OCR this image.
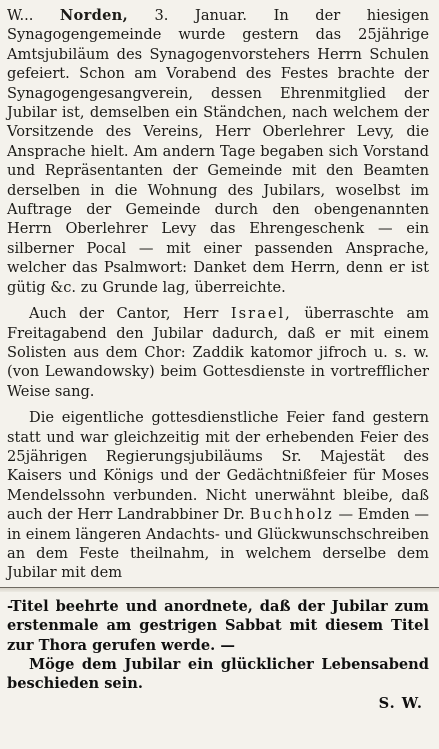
W... Norden, 3. Januar. In der hiesigen Synagogengemeinde wurde gestern das 25jährige Amtsjubiläum des Synagogenvorstehers Herrn Schulen gefeiert. Schon am Vorabend des Festes brachte der Synagogengesangverein, dessen Ehrenmitglied der Jubilar ist, demselben ein Ständchen, nach welchem der Vorsitzende des Vereins, Herr Oberlehrer Levy, die Ansprache hielt. Am andern Tage begaben sich Vorstand und Repräsentanten der Gemeinde mit den Beamten derselben in die Wohnung des Jubilars, woselbst im Auftrage der Gemeinde durch den obengenannten Herrn Oberlehrer Levy das Ehrengeschenk — ein silberner Pocal — mit einer passenden Ansprache, welcher das Psalmwort: Danket dem Herrn, denn er ist gütig &c. zu Grunde lag, überreichte.

Auch der Cantor, Herr Israel, überraschte am Freitagabend den Jubilar dadurch, daß er mit einem Solisten aus dem Chor: Zaddik katomor jifroch u. s. w. (von Lewandowsky) beim Gottesdienste in vortrefflicher Weise sang.

Die eigentliche gottesdienstliche Feier fand gestern statt und war gleichzeitig mit der erhebenden Feier des 25jährigen Regierungsjubiläums Sr. Majestät des Kaisers und Königs und der Gedächtnißfeier für Moses Mendelssohn verbunden. Nicht unerwähnt bleibe, daß auch der Herr Landrabbiner Dr. Buchholz — Emden — in einem längeren Andachts- und Glückwunschschreiben an dem Feste theilnahm, in welchem derselbe dem Jubilar mit dem

-Titel beehrte und anordnete, daß der Jubilar zum erstenmale am gestrigen Sabbat mit diesem Titel zur Thora gerufen werde. —

Möge dem Jubilar ein glücklicher Lebensabend beschieden sein.

S. W.
